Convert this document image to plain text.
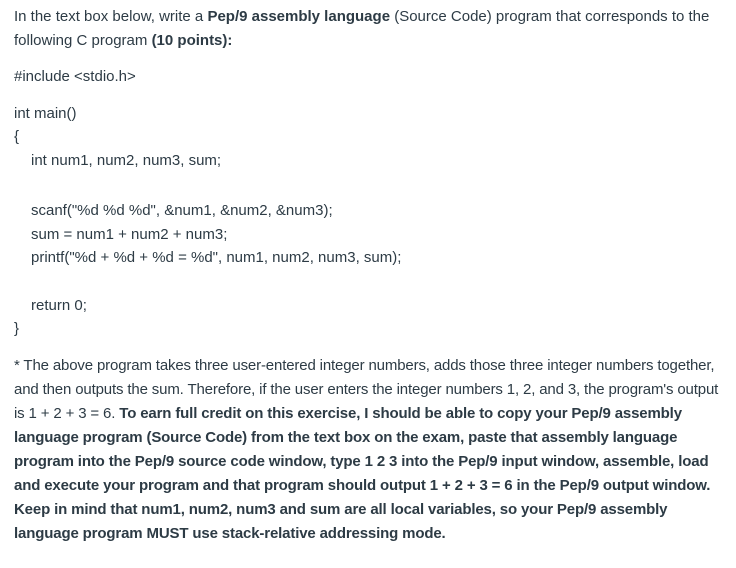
In the text box below, write a Pep/9 assembly language (Source Code) program that corresponds to the following C program (10 points):
#include <stdio.h>
int main()
{
int num1, num2, num3, sum;
scanf("%d %d %d", &num1, &num2, &num3);
sum = num1 + num2 + num3;
printf("%d + %d + %d = %d", num1, num2, num3, sum);
return 0;
}
* The above program takes three user-entered integer numbers, adds those three integer numbers together, and then outputs the sum. Therefore, if the user enters the integer numbers 1, 2, and 3, the program's output is 1 + 2 + 3 = 6. To earn full credit on this exercise, I should be able to copy your Pep/9 assembly language program (Source Code) from the text box on the exam, paste that assembly language program into the Pep/9 source code window, type 1 2 3 into the Pep/9 input window, assemble, load and execute your program and that program should output 1 + 2 + 3 = 6 in the Pep/9 output window. Keep in mind that num1, num2, num3 and sum are all local variables, so your Pep/9 assembly language program MUST use stack-relative addressing mode.
